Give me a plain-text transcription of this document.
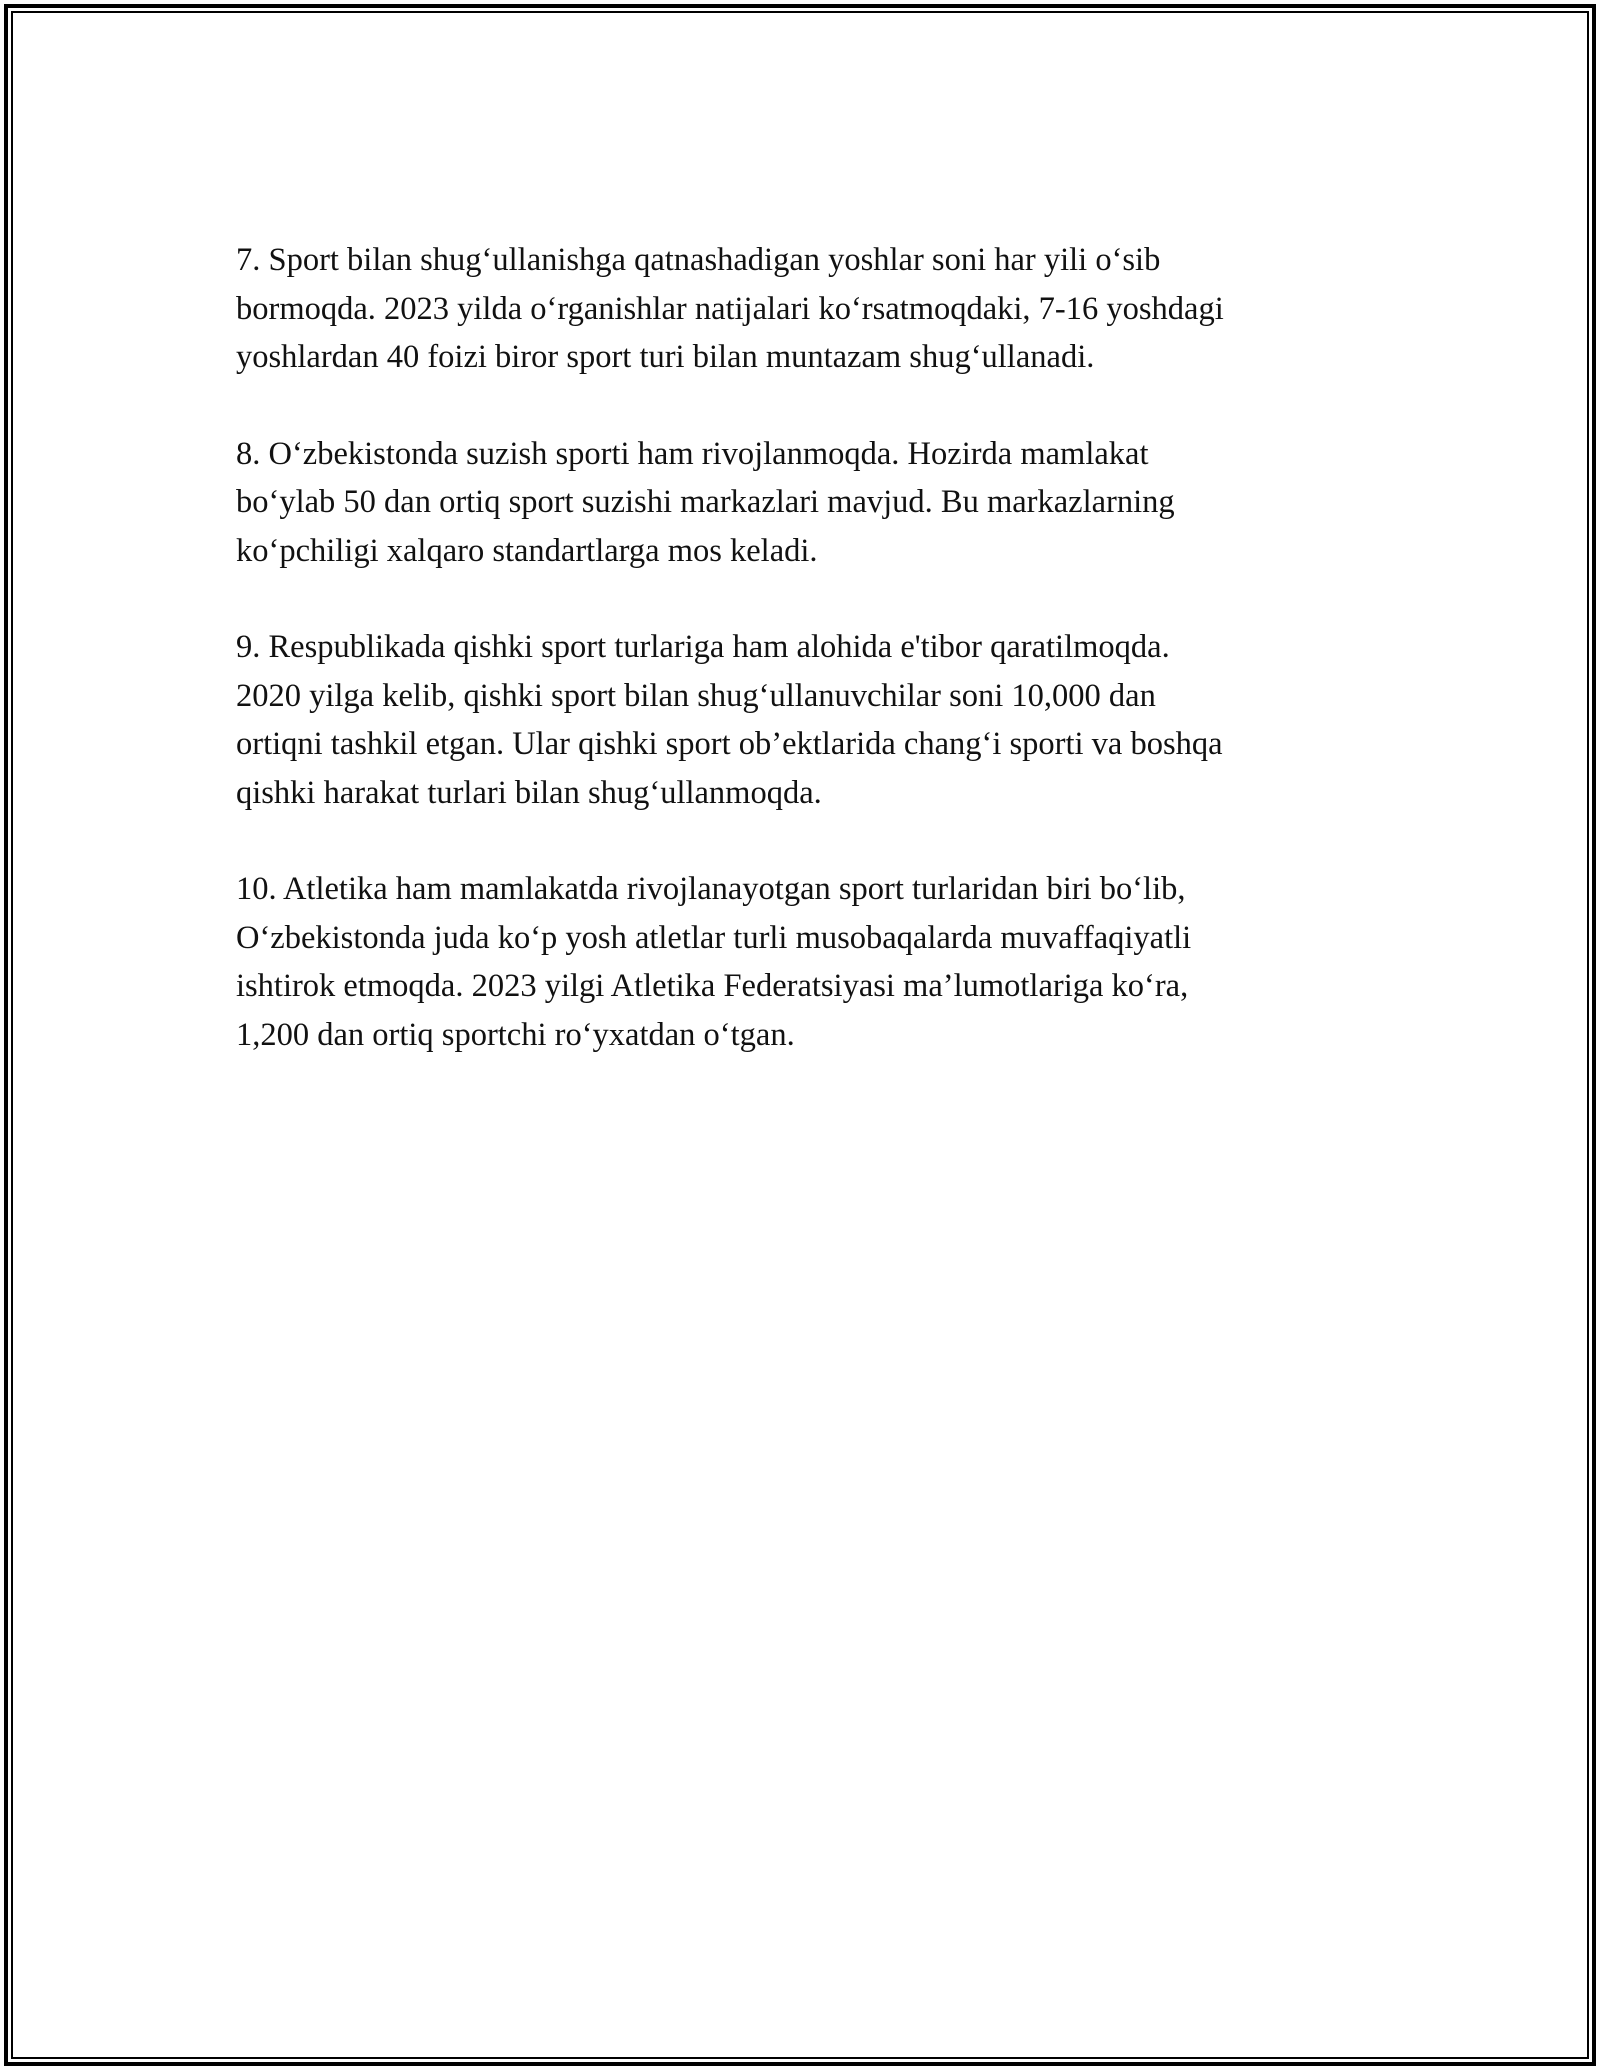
7. Sport bilan shug‘ullanishga qatnashadigan yoshlar soni har yili o‘sib
bormoqda. 2023 yilda o‘rganishlar natijalari ko‘rsatmoqdaki, 7-16 yoshdagi
yoshlardan 40 foizi biror sport turi bilan muntazam shug‘ullanadi.

8. O‘zbekistonda suzish sporti ham rivojlanmoqda. Hozirda mamlakat
bo‘ylab 50 dan ortiq sport suzishi markazlari mavjud. Bu markazlarning
ko‘pchiligi xalqaro standartlarga mos keladi.

9. Respublikada qishki sport turlariga ham alohida e'tibor qaratilmoqda.
2020 yilga kelib, qishki sport bilan shug‘ullanuvchilar soni 10,000 dan
ortiqni tashkil etgan. Ular qishki sport ob’ektlarida chang‘i sporti va boshqa
qishki harakat turlari bilan shug‘ullanmoqda.

10. Atletika ham mamlakatda rivojlanayotgan sport turlaridan biri bo‘lib,
O‘zbekistonda juda ko‘p yosh atletlar turli musobaqalarda muvaffaqiyatli
ishtirok etmoqda. 2023 yilgi Atletika Federatsiyasi ma’lumotlariga ko‘ra,
1,200 dan ortiq sportchi ro‘yxatdan o‘tgan.
